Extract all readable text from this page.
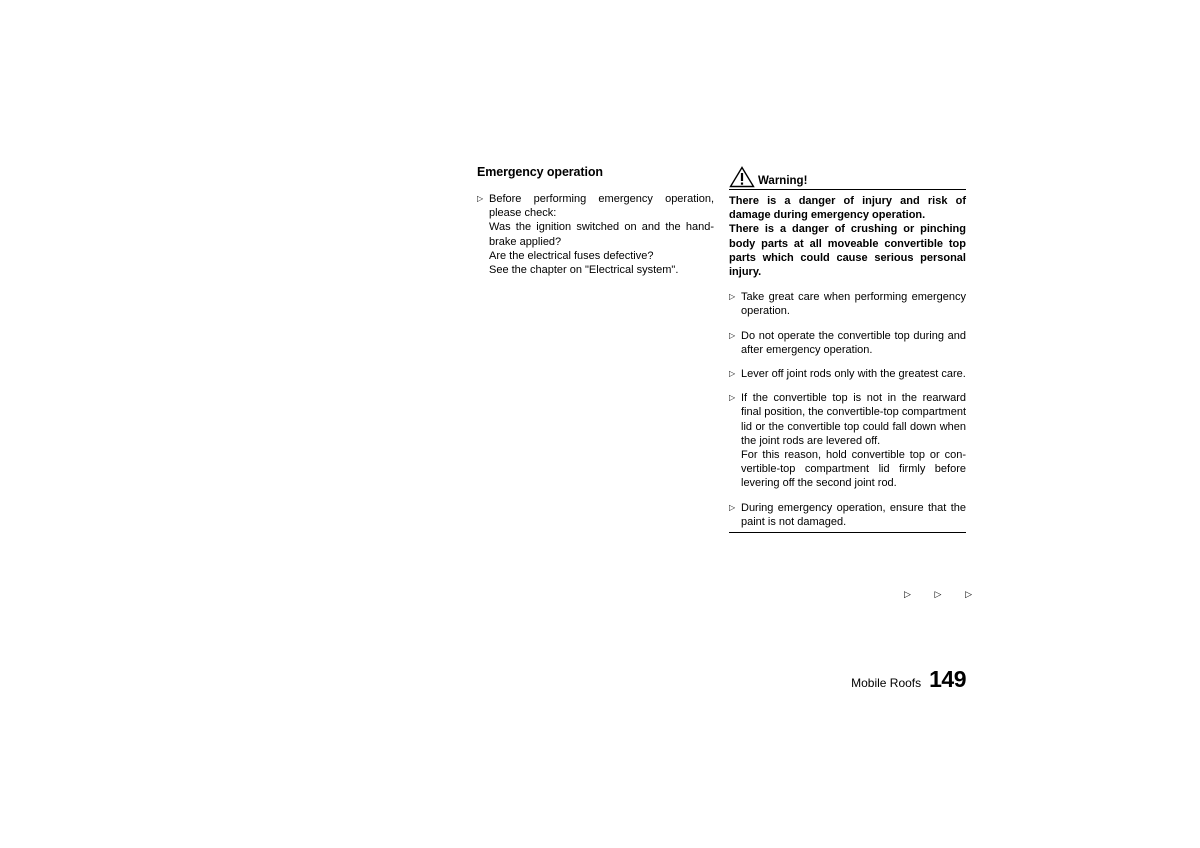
Emergency operation
▷ Before performing emergency operation, please check:
Was the ignition switched on and the hand-brake applied?
Are the electrical fuses defective?
See the chapter on "Electrical system".
Warning!

There is a danger of injury and risk of damage during emergency operation.

There is a danger of crushing or pinching body parts at all moveable convertible top parts which could cause serious personal injury.

▷ Take great care when performing emergency operation.

▷ Do not operate the convertible top during and after emergency operation.

▷ Lever off joint rods only with the greatest care.

▷ If the convertible top is not in the rearward final position, the convertible-top compartment lid or the convertible top could fall down when the joint rods are levered off.

For this reason, hold convertible top or con-vertible-top compartment lid firmly before levering off the second joint rod.

▷ During emergency operation, ensure that the paint is not damaged.

▷	▷	▷
Mobile Roofs 149
